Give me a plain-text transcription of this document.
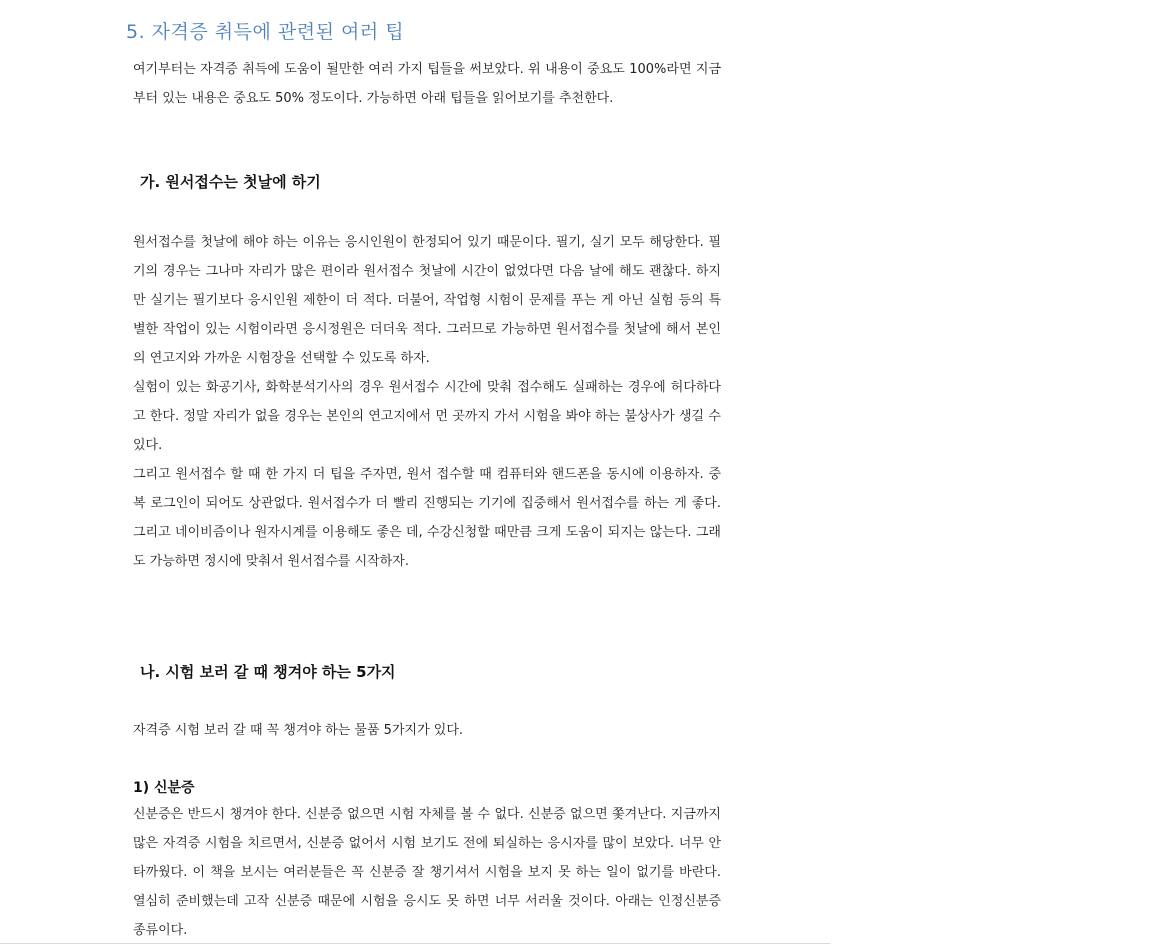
5. 자격증 취득에 관련된 여러 팁

여기부터는 자격증 취득에 도움이 될만한 여러 가지 팁들을 써보았다. 위 내용이 중요도 100%라면 지금부터 있는 내용은 중요도 50% 정도이다. 가능하면 아래 팁들을 읽어보기를 추천한다.

가. 원서접수는 첫날에 하기

원서접수를 첫날에 해야 하는 이유는 응시인원이 한정되어 있기 때문이다. 필기, 실기 모두 해당한다. 필기의 경우는 그나마 자리가 많은 편이라 원서접수 첫날에 시간이 없었다면 다음 날에 해도 괜찮다. 하지만 실기는 필기보다 응시인원 제한이 더 적다. 더불어, 작업형 시험이 문제를 푸는 게 아닌 실험 등의 특별한 작업이 있는 시험이라면 응시정원은 더더욱 적다. 그러므로 가능하면 원서접수를 첫날에 해서 본인의 연고지와 가까운 시험장을 선택할 수 있도록 하자.

실험이 있는 화공기사, 화학분석기사의 경우 원서접수 시간에 맞춰 접수해도 실패하는 경우에 허다하다고 한다. 정말 자리가 없을 경우는 본인의 연고지에서 먼 곳까지 가서 시험을 봐야 하는 불상사가 생길 수 있다.

그리고 원서접수 할 때 한 가지 더 팁을 주자면, 원서 접수할 때 컴퓨터와 핸드폰을 동시에 이용하자. 중복 로그인이 되어도 상관없다. 원서접수가 더 빨리 진행되는 기기에 집중해서 원서접수를 하는 게 좋다. 그리고 네이비즘이나 원자시계를 이용해도 좋은 데, 수강신청할 때만큼 크게 도움이 되지는 않는다. 그래도 가능하면 정시에 맞춰서 원서접수를 시작하자.

나. 시험 보러 갈 때 챙겨야 하는 5가지

자격증 시험 보러 갈 때 꼭 챙겨야 하는 물품 5가지가 있다.

1) 신분증

신분증은 반드시 챙겨야 한다. 신분증 없으면 시험 자체를 볼 수 없다. 신분증 없으면 쫓겨난다. 지금까지 많은 자격증 시험을 치르면서, 신분증 없어서 시험 보기도 전에 퇴실하는 응시자를 많이 보았다. 너무 안타까웠다. 이 책을 보시는 여러분들은 꼭 신분증 잘 챙기셔서 시험을 보지 못 하는 일이 없기를 바란다. 열심히 준비했는데 고작 신분증 때문에 시험을 응시도 못 하면 너무 서러울 것이다. 아래는 인정신분증 종류이다.
